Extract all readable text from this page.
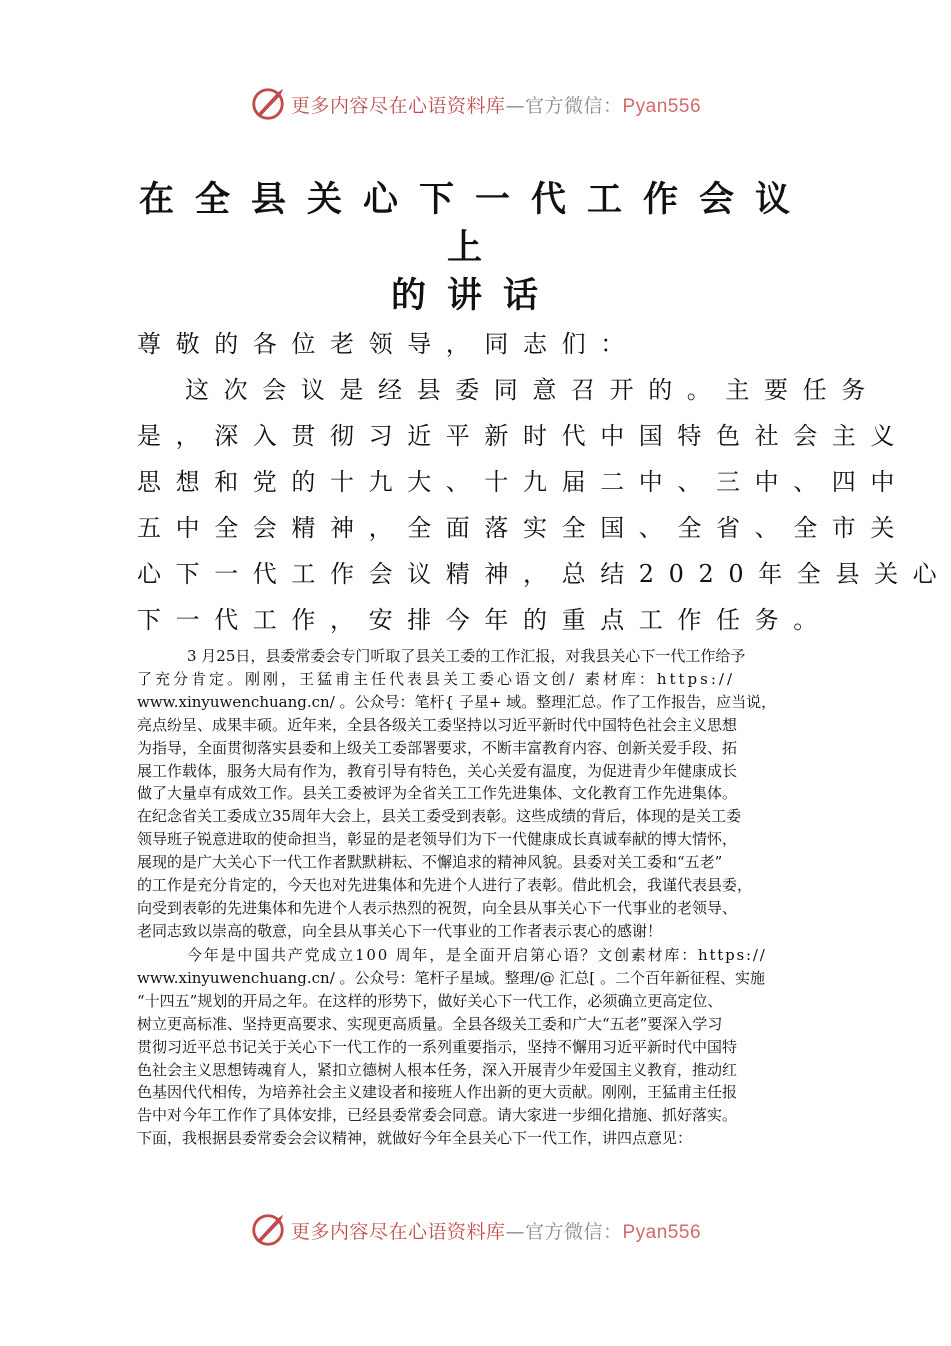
更多内容尽在心语资料库—官方微信：Pyan556
在全县关心下一代工作会议上
的讲话
尊敬的各位老领导，同志们：
这次会议是经县委同意召开的。主要任务
是，深入贯彻习近平新时代中国特色社会主义
思想和党的十九大、十九届二中、三中、四中
五中全会精神，全面落实全国、全省、全市关
心下一代工作会议精神，总结2020年全县关心
下一代工作，安排今年的重点工作任务。
3 月25日，县委常委会专门听取了县关工委的工作汇报，对我县关心下一代工作给予
了充分肯定。刚刚，王猛甫主任代表县关工委心语文创/ 素材库：https://
www.xinyuwenchuang.cn/ 。公众号：笔杆{ 子星+ 域。整理汇总。作了工作报告，应当说，
亮点纷呈、成果丰硕。近年来，全县各级关工委坚持以习近平新时代中国特色社会主义思想
为指导，全面贯彻落实县委和上级关工委部署要求，不断丰富教育内容、创新关爱手段、拓
展工作载体，服务大局有作为，教育引导有特色，关心关爱有温度，为促进青少年健康成长
做了大量卓有成效工作。县关工委被评为全省关工工作先进集体、文化教育工作先进集体。
在纪念省关工委成立35周年大会上，县关工委受到表彰。这些成绩的背后，体现的是关工委
领导班子锐意进取的使命担当，彰显的是老领导们为下一代健康成长真诚奉献的博大情怀，
展现的是广大关心下一代工作者默默耕耘、不懈追求的精神风貌。县委对关工委和“五老”
的工作是充分肯定的，今天也对先进集体和先进个人进行了表彰。借此机会，我谨代表县委，
向受到表彰的先进集体和先进个人表示热烈的祝贺，向全县从事关心下一代事业的老领导、
老同志致以崇高的敬意，向全县从事关心下一代事业的工作者表示衷心的感谢！
今年是中国共产党成立100 周年，是全面开启第心语？文创素材库：https://
www.xinyuwenchuang.cn/ 。公众号：笔杆子星域。整理/@ 汇总[ 。二个百年新征程、实施
“十四五”规划的开局之年。在这样的形势下，做好关心下一代工作，必须确立更高定位、
树立更高标准、坚持更高要求、实现更高质量。全县各级关工委和广大“五老”要深入学习
贯彻习近平总书记关于关心下一代工作的一系列重要指示，坚持不懈用习近平新时代中国特
色社会主义思想铸魂育人，紧扣立德树人根本任务，深入开展青少年爱国主义教育，推动红
色基因代代相传，为培养社会主义建设者和接班人作出新的更大贡献。刚刚，王猛甫主任报
告中对今年工作作了具体安排，已经县委常委会同意。请大家进一步细化措施、抓好落实。
下面，我根据县委常委会会议精神，就做好今年全县关心下一代工作，讲四点意见：
更多内容尽在心语资料库—官方微信：Pyan556
